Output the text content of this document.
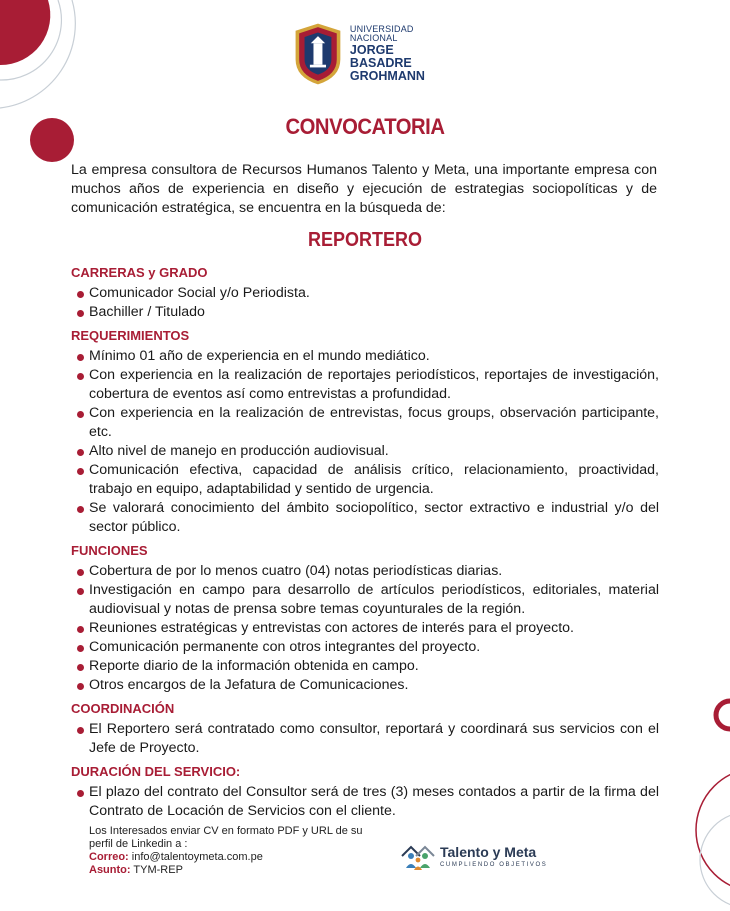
UNIVERSIDAD NACIONAL
JORGE BASADRE
GROHMANN
CONVOCATORIA
La empresa consultora de Recursos Humanos Talento y Meta, una importante empresa con muchos años de experiencia en diseño y ejecución de estrategias sociopolíticas y de comunicación estratégica, se encuentra en la búsqueda de:
REPORTERO
CARRERAS y GRADO
Comunicador Social y/o Periodista.
Bachiller / Titulado
REQUERIMIENTOS
Mínimo 01 año de experiencia en el mundo mediático.
Con experiencia en la realización de reportajes periodísticos, reportajes de investigación, cobertura de eventos así como entrevistas a profundidad.
Con experiencia en la realización de entrevistas, focus groups, observación participante, etc.
Alto nivel de manejo en producción audiovisual.
Comunicación efectiva, capacidad de análisis crítico, relacionamiento, proactividad, trabajo en equipo, adaptabilidad y sentido de urgencia.
Se valorará conocimiento del ámbito sociopolítico, sector extractivo e industrial y/o del sector público.
FUNCIONES
Cobertura de por lo menos cuatro (04) notas periodísticas diarias.
Investigación en campo para desarrollo de artículos periodísticos, editoriales, material audiovisual y notas de prensa sobre temas coyunturales de la región.
Reuniones estratégicas y entrevistas con actores de interés para el proyecto.
Comunicación permanente con otros integrantes del proyecto.
Reporte diario de la información obtenida en campo.
Otros encargos de la Jefatura de Comunicaciones.
COORDINACIÓN
El Reportero será contratado como consultor, reportará y coordinará sus servicios con el Jefe de Proyecto.
DURACIÓN DEL SERVICIO:
El plazo del contrato del Consultor será de tres (3) meses contados a partir de la firma del Contrato de Locación de Servicios con el cliente.
Los Interesados enviar CV en formato PDF y URL de su
perfil de Linkedin a :
Correo: info@talentoymeta.com.pe
Asunto: TYM-REP
Talento y Meta
CUMPLIENDO OBJETIVOS
